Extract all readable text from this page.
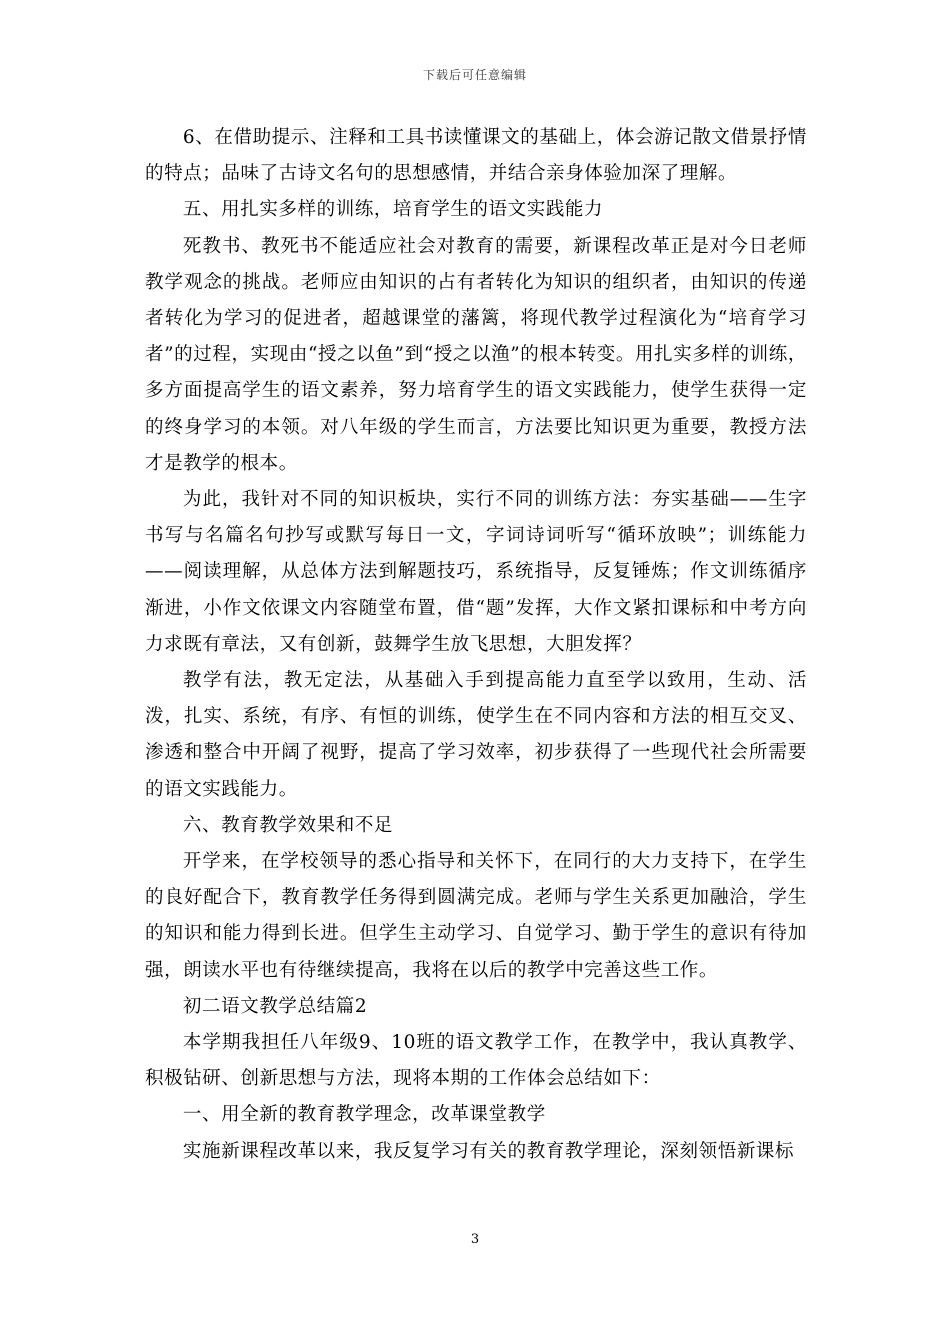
下载后可任意编辑

6、在借助提示、注释和工具书读懂课文的基础上，体会游记散文借景抒情的特点；品味了古诗文名句的思想感情，并结合亲身体验加深了理解。

五、用扎实多样的训练，培育学生的语文实践能力

死教书、教死书不能适应社会对教育的需要，新课程改革正是对今日老师教学观念的挑战。老师应由知识的占有者转化为知识的组织者，由知识的传递者转化为学习的促进者，超越课堂的藩篱，将现代教学过程演化为“培育学习者”的过程，实现由“授之以鱼”到“授之以渔”的根本转变。用扎实多样的训练，多方面提高学生的语文素养，努力培育学生的语文实践能力，使学生获得一定的终身学习的本领。对八年级的学生而言，方法要比知识更为重要，教授方法才是教学的根本。

为此，我针对不同的知识板块，实行不同的训练方法：夯实基础——生字书写与名篇名句抄写或默写每日一文，字词诗词听写“循环放映”；训练能力——阅读理解，从总体方法到解题技巧，系统指导，反复锤炼；作文训练循序渐进，小作文依课文内容随堂布置，借“题”发挥，大作文紧扣课标和中考方向力求既有章法，又有创新，鼓舞学生放飞思想，大胆发挥？

教学有法，教无定法，从基础入手到提高能力直至学以致用，生动、活泼，扎实、系统，有序、有恒的训练，使学生在不同内容和方法的相互交叉、渗透和整合中开阔了视野，提高了学习效率，初步获得了一些现代社会所需要的语文实践能力。

六、教育教学效果和不足

开学来，在学校领导的悉心指导和关怀下，在同行的大力支持下，在学生的良好配合下，教育教学任务得到圆满完成。老师与学生关系更加融洽，学生的知识和能力得到长进。但学生主动学习、自觉学习、勤于学生的意识有待加强，朗读水平也有待继续提高，我将在以后的教学中完善这些工作。

初二语文教学总结篇2

本学期我担任八年级9、10班的语文教学工作，在教学中，我认真教学、积极钻研、创新思想与方法，现将本期的工作体会总结如下：

一、用全新的教育教学理念，改革课堂教学

实施新课程改革以来，我反复学习有关的教育教学理论，深刻领悟新课标

3
